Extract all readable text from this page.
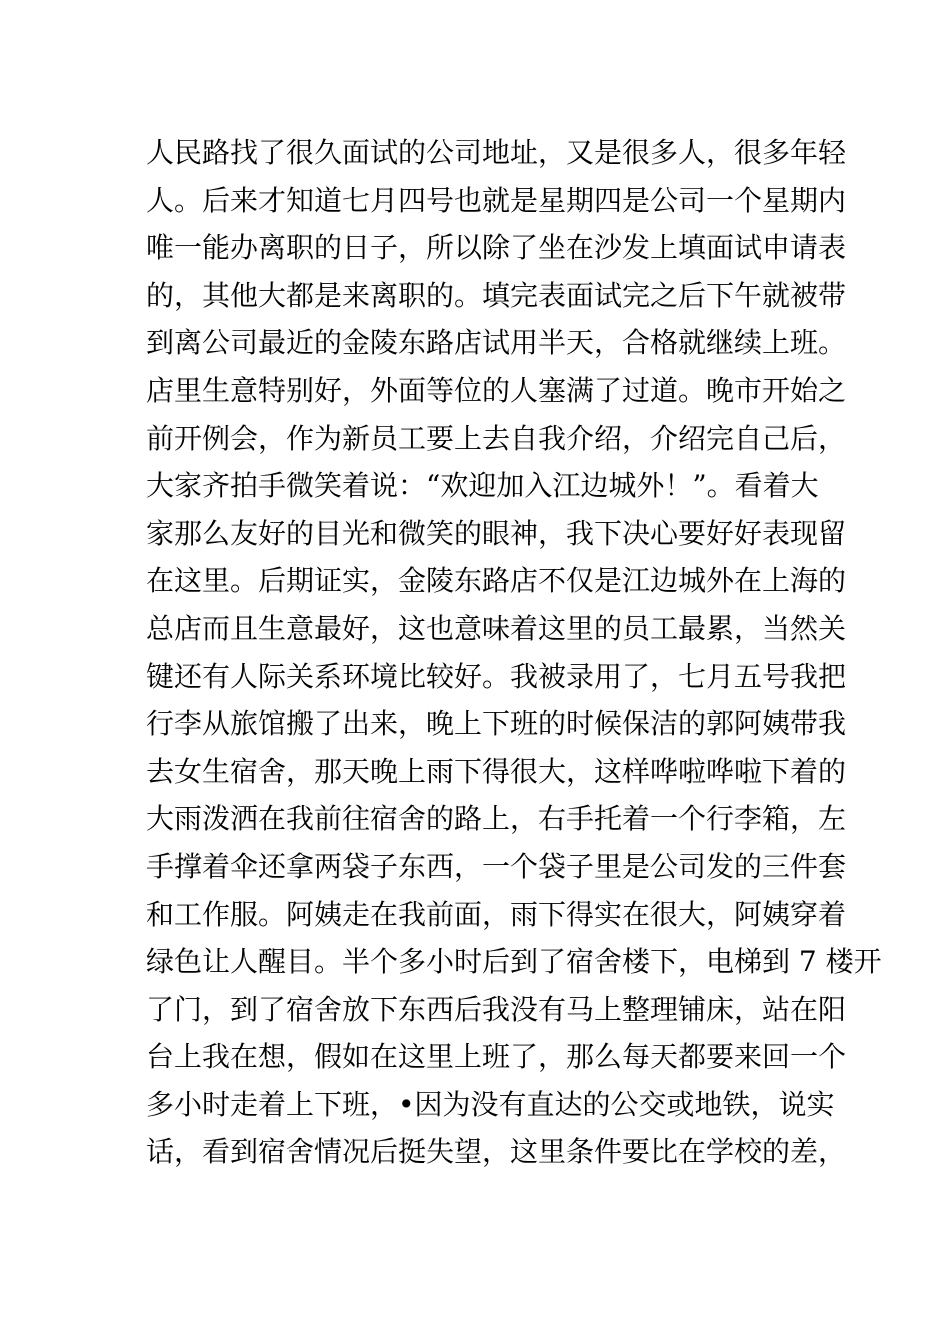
人民路找了很久面试的公司地址，又是很多人，很多年轻
人。后来才知道七月四号也就是星期四是公司一个星期内
唯一能办离职的日子，所以除了坐在沙发上填面试申请表
的，其他大都是来离职的。填完表面试完之后下午就被带
到离公司最近的金陵东路店试用半天，合格就继续上班。
店里生意特别好，外面等位的人塞满了过道。晚市开始之
前开例会，作为新员工要上去自我介绍，介绍完自己后，
大家齐拍手微笑着说：“欢迎加入江边城外！”。看着大
家那么友好的目光和微笑的眼神，我下决心要好好表现留
在这里。后期证实，金陵东路店不仅是江边城外在上海的
总店而且生意最好，这也意味着这里的员工最累，当然关
键还有人际关系环境比较好。我被录用了，七月五号我把
行李从旅馆搬了出来，晚上下班的时候保洁的郭阿姨带我
去女生宿舍，那天晚上雨下得很大，这样哗啦哗啦下着的
大雨泼洒在我前往宿舍的路上，右手托着一个行李箱，左
手撑着伞还拿两袋子东西，一个袋子里是公司发的三件套
和工作服。阿姨走在我前面，雨下得实在很大，阿姨穿着
绿色让人醒目。半个多小时后到了宿舍楼下，电梯到 7 楼开
了门，到了宿舍放下东西后我没有马上整理铺床，站在阳
台上我在想，假如在这里上班了，那么每天都要来回一个
多小时走着上下班，•因为没有直达的公交或地铁，说实
话，看到宿舍情况后挺失望，这里条件要比在学校的差，
